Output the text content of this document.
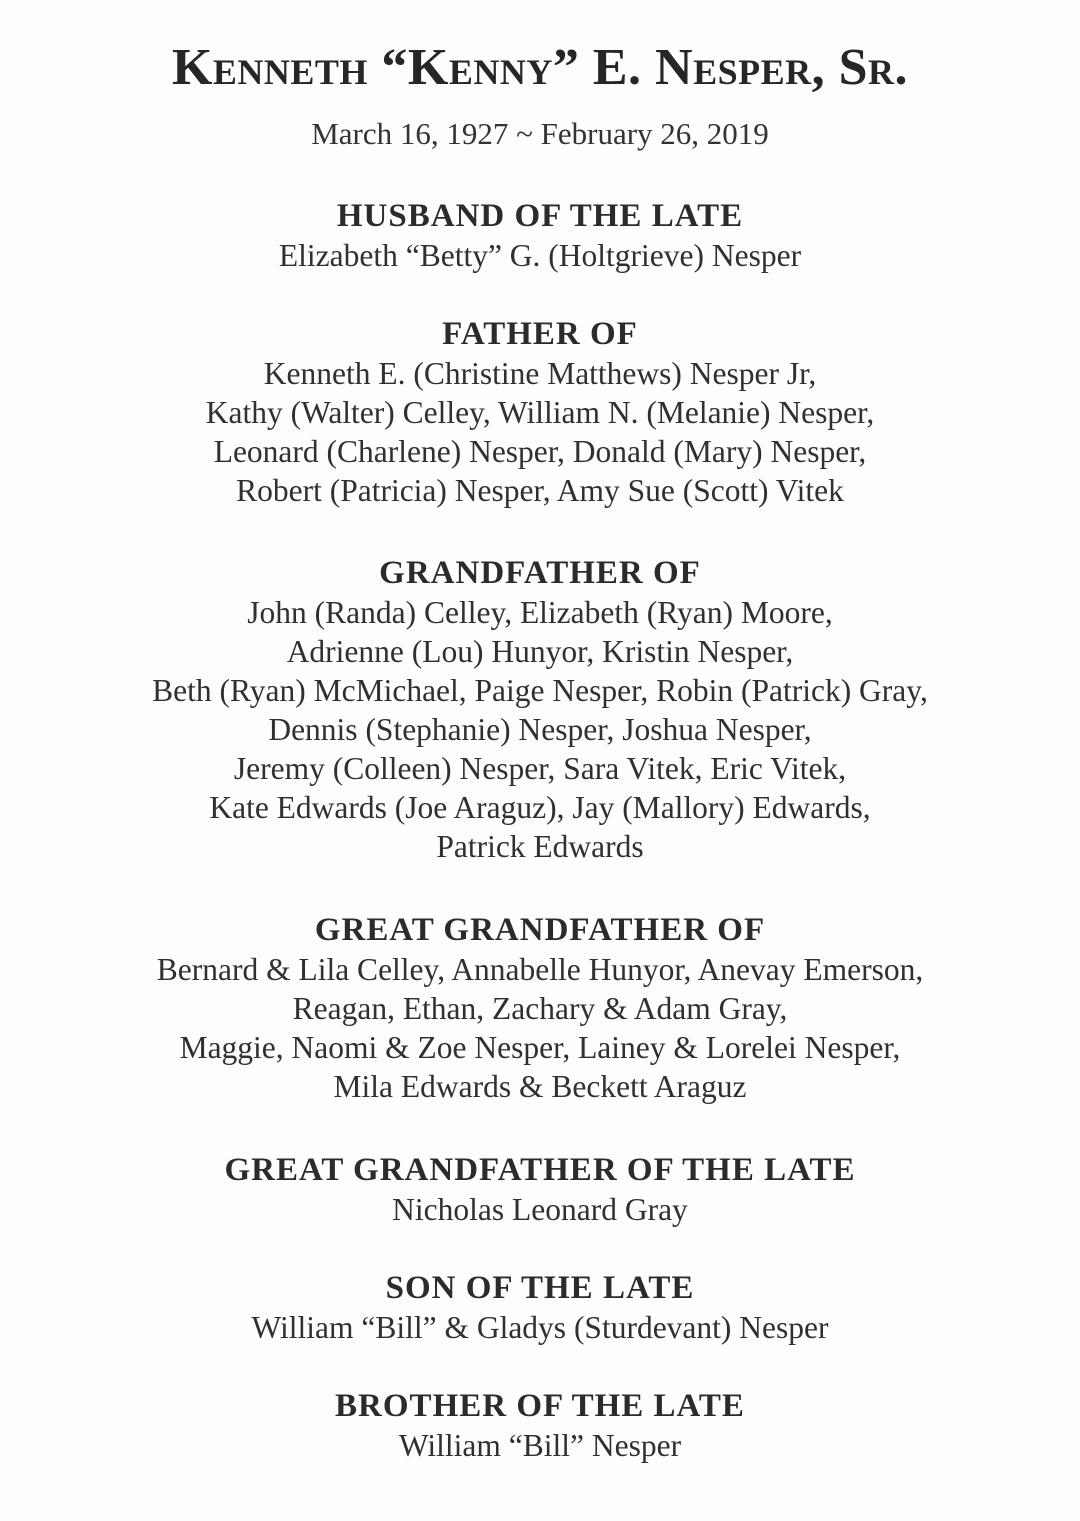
Kenneth “Kenny” E. Nesper, Sr.
March 16, 1927 ~ February 26, 2019
HUSBAND OF THE LATE
Elizabeth “Betty” G. (Holtgrieve) Nesper
FATHER OF
Kenneth E. (Christine Matthews) Nesper Jr,
Kathy (Walter) Celley, William N. (Melanie) Nesper,
Leonard (Charlene) Nesper, Donald (Mary) Nesper,
Robert (Patricia) Nesper, Amy Sue (Scott) Vitek
GRANDFATHER OF
John (Randa) Celley, Elizabeth (Ryan) Moore,
Adrienne (Lou) Hunyor, Kristin Nesper,
Beth (Ryan) McMichael, Paige Nesper, Robin (Patrick) Gray,
Dennis (Stephanie) Nesper, Joshua Nesper,
Jeremy (Colleen) Nesper, Sara Vitek, Eric Vitek,
Kate Edwards (Joe Araguz), Jay (Mallory) Edwards,
Patrick Edwards
GREAT GRANDFATHER OF
Bernard & Lila Celley, Annabelle Hunyor, Anevay Emerson,
Reagan, Ethan, Zachary & Adam Gray,
Maggie, Naomi & Zoe Nesper, Lainey & Lorelei Nesper,
Mila Edwards & Beckett Araguz
GREAT GRANDFATHER OF THE LATE
Nicholas Leonard Gray
SON OF THE LATE
William “Bill” & Gladys (Sturdevant) Nesper
BROTHER OF THE LATE
William “Bill” Nesper
